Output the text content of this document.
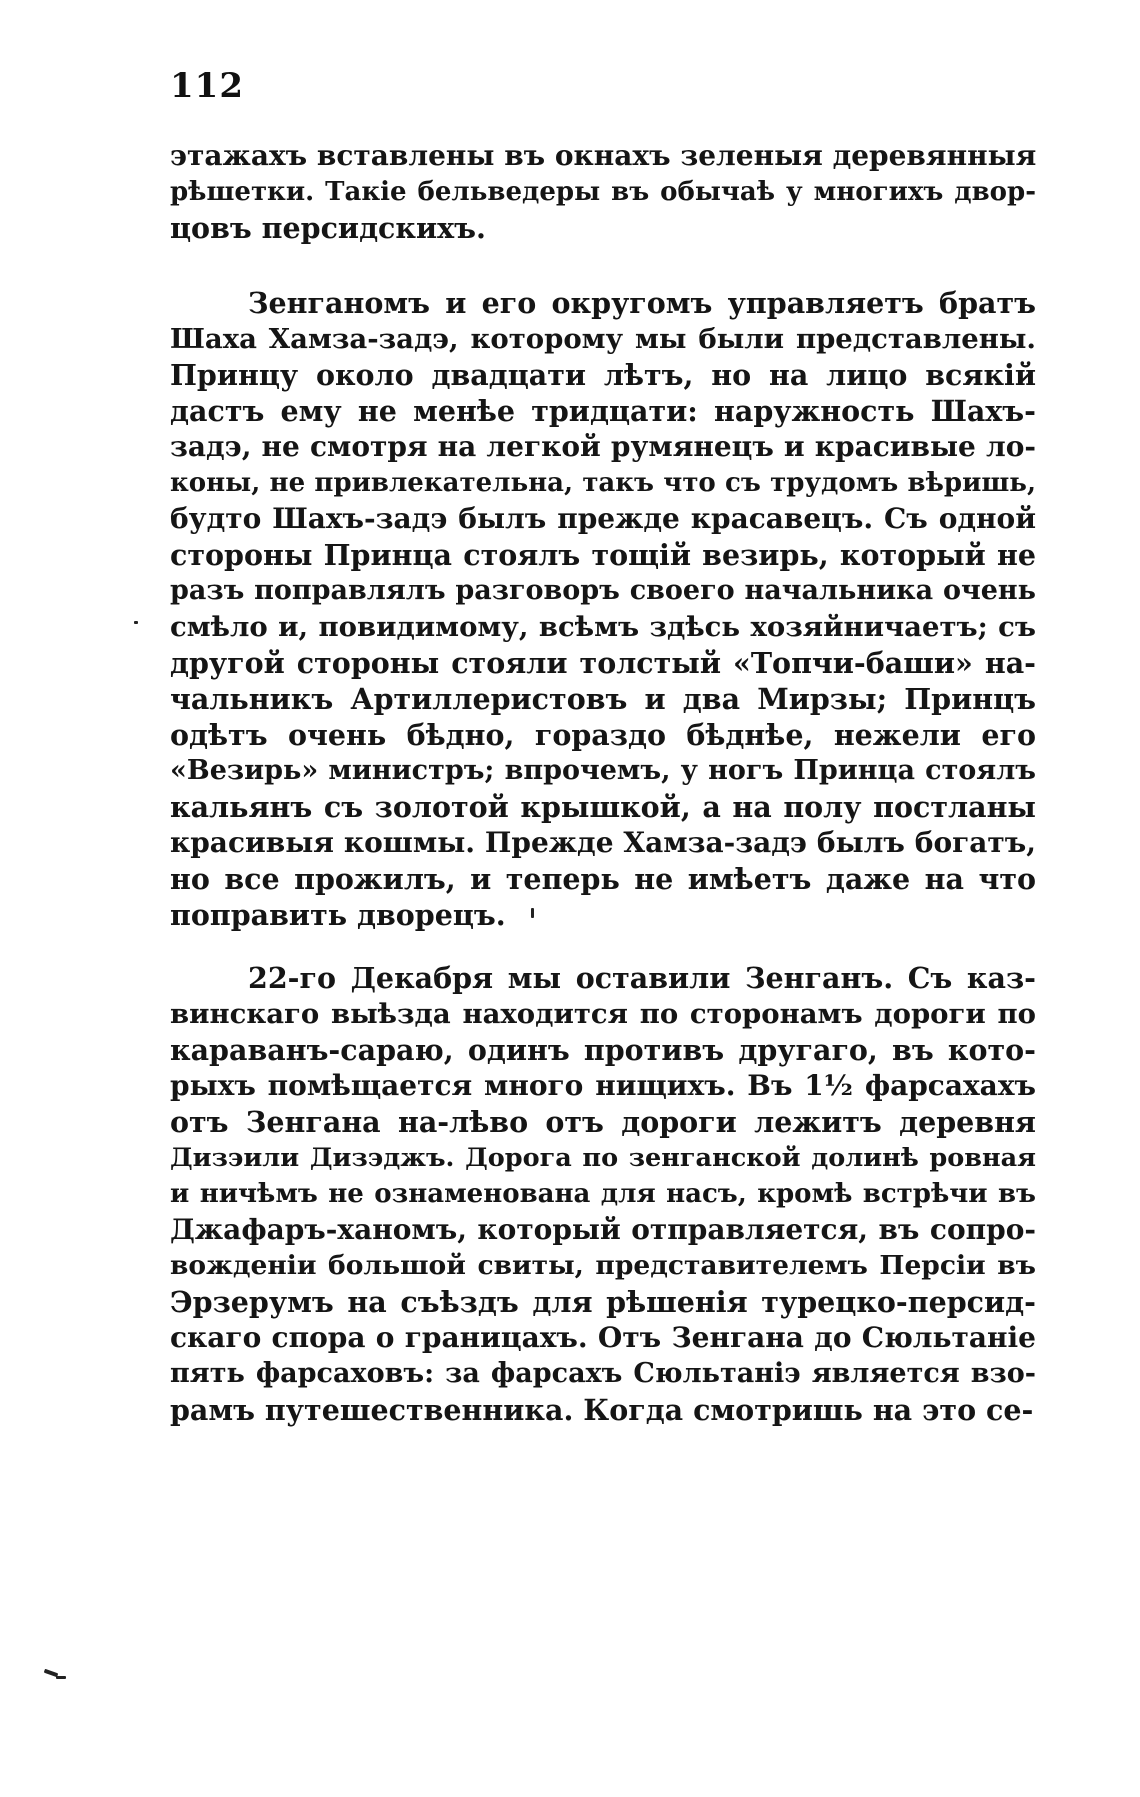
112
этажахъ вставлены въ окнахъ зеленыя деревянныя
рѣшетки. Такіе бельведеры въ обычаѣ у многихъ двор-
цовъ персидскихъ.
Зенганомъ и его округомъ управляетъ братъ
Шаха Хамза-задэ, которому мы были представлены.
Принцу около двадцати лѣтъ, но на лицо всякій
дастъ ему не менѣе тридцати: наружность Шахъ-
задэ, не смотря на легкой румянецъ и красивые ло-
коны, не привлекательна, такъ что съ трудомъ вѣришь,
будто Шахъ-задэ былъ прежде красавецъ. Съ одной
стороны Принца стоялъ тощій везирь, который не
разъ поправлялъ разговоръ своего начальника очень
смѣло и, повидимому, всѣмъ здѣсь хозяйничаетъ; съ
другой стороны стояли толстый «Топчи-баши» на-
чальникъ Артиллеристовъ и два Мирзы; Принцъ
одѣтъ очень бѣдно, гораздо бѣднѣе, нежели его
«Везирь» министръ; впрочемъ, у ногъ Принца стоялъ
кальянъ съ золотой крышкой, а на полу постланы
красивыя кошмы. Прежде Хамза-задэ былъ богатъ,
но все прожилъ, и теперь не имѣетъ даже на что
поправить дворецъ.
22-го Декабря мы оставили Зенганъ. Съ каз-
винскаго выѣзда находится по сторонамъ дороги по
караванъ-сараю, одинъ противъ другаго, въ кото-
рыхъ помѣщается много нищихъ. Въ 1½ фарсахахъ
отъ Зенгана на-лѣво отъ дороги лежитъ деревня
Дизэили Дизэджъ. Дорога по зенганской долинѣ ровная
и ничѣмъ не ознаменована для насъ, кромѣ встрѣчи въ
Джафаръ-ханомъ, который отправляется, въ сопро-
вожденіи большой свиты, представителемъ Персіи въ
Эрзерумъ на съѣздъ для рѣшенія турецко-персид-
скаго спора о границахъ. Отъ Зенгана до Сюльтаніе
пять фарсаховъ: за фарсахъ Сюльтаніэ является взо-
рамъ путешественника. Когда смотришь на это се-
